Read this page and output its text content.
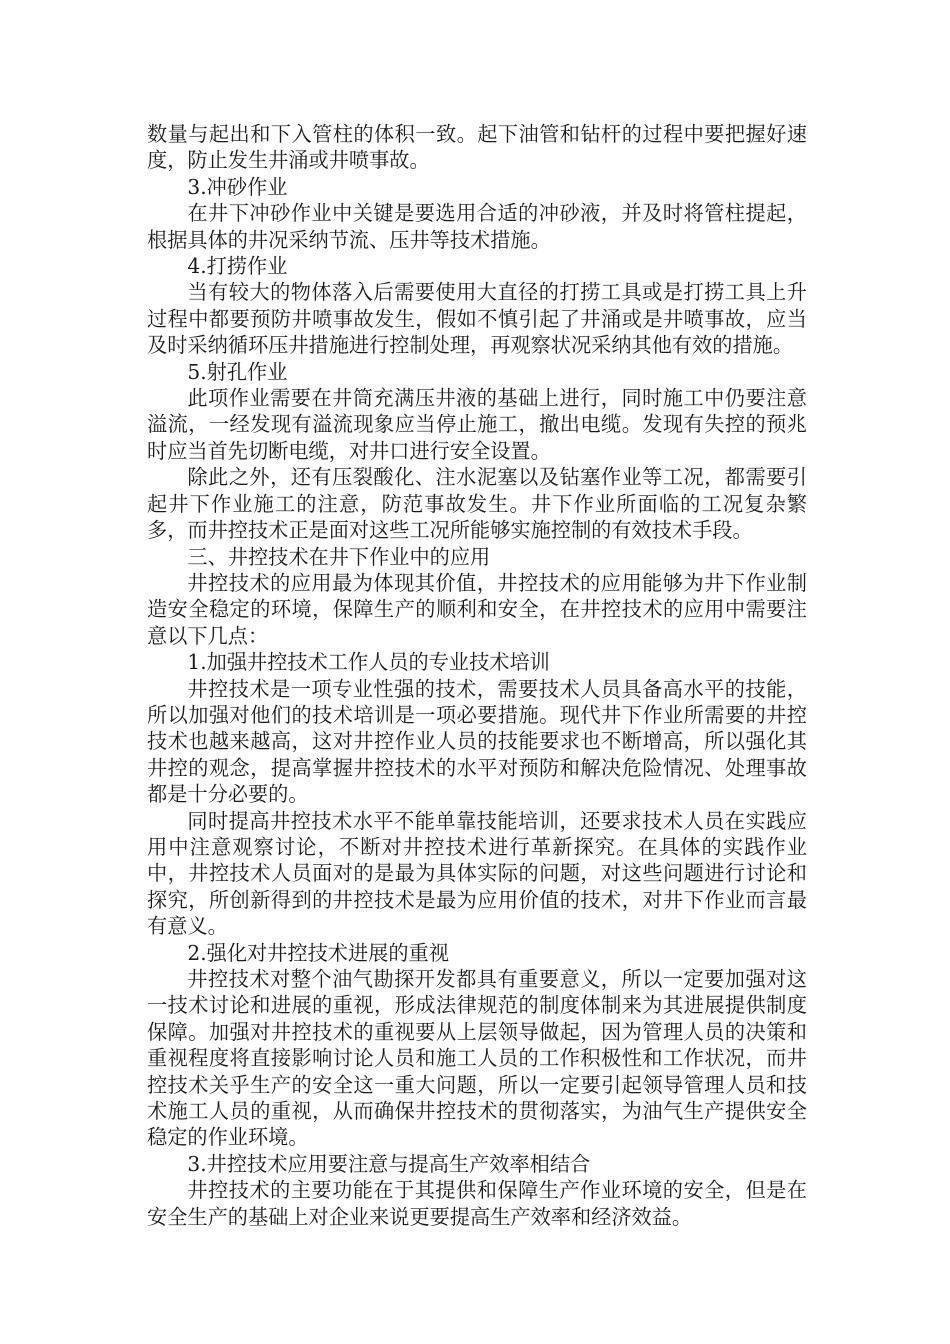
数量与起出和下入管柱的体积一致。起下油管和钻杆的过程中要把握好速度，防止发生井涌或井喷事故。

3.冲砂作业

在井下冲砂作业中关键是要选用合适的冲砂液，并及时将管柱提起，根据具体的井况采纳节流、压井等技术措施。

4.打捞作业

当有较大的物体落入后需要使用大直径的打捞工具或是打捞工具上升过程中都要预防井喷事故发生，假如不慎引起了井涌或是井喷事故，应当及时采纳循环压井措施进行控制处理，再观察状况采纳其他有效的措施。

5.射孔作业

此项作业需要在井筒充满压井液的基础上进行，同时施工中仍要注意溢流，一经发现有溢流现象应当停止施工，撤出电缆。发现有失控的预兆时应当首先切断电缆，对井口进行安全设置。

除此之外，还有压裂酸化、注水泥塞以及钻塞作业等工况，都需要引起井下作业施工的注意，防范事故发生。井下作业所面临的工况复杂繁多，而井控技术正是面对这些工况所能够实施控制的有效技术手段。

三、井控技术在井下作业中的应用

井控技术的应用最为体现其价值，井控技术的应用能够为井下作业制造安全稳定的环境，保障生产的顺利和安全，在井控技术的应用中需要注意以下几点：

1.加强井控技术工作人员的专业技术培训

井控技术是一项专业性强的技术，需要技术人员具备高水平的技能，所以加强对他们的技术培训是一项必要措施。现代井下作业所需要的井控技术也越来越高，这对井控作业人员的技能要求也不断增高，所以强化其井控的观念，提高掌握井控技术的水平对预防和解决危险情况、处理事故都是十分必要的。

同时提高井控技术水平不能单靠技能培训，还要求技术人员在实践应用中注意观察讨论，不断对井控技术进行革新探究。在具体的实践作业中，井控技术人员面对的是最为具体实际的问题，对这些问题进行讨论和探究，所创新得到的井控技术是最为应用价值的技术，对井下作业而言最有意义。

2.强化对井控技术进展的重视

井控技术对整个油气勘探开发都具有重要意义，所以一定要加强对这一技术讨论和进展的重视，形成法律规范的制度体制来为其进展提供制度保障。加强对井控技术的重视要从上层领导做起，因为管理人员的决策和重视程度将直接影响讨论人员和施工人员的工作积极性和工作状况，而井控技术关乎生产的安全这一重大问题，所以一定要引起领导管理人员和技术施工人员的重视，从而确保井控技术的贯彻落实，为油气生产提供安全稳定的作业环境。

3.井控技术应用要注意与提高生产效率相结合

井控技术的主要功能在于其提供和保障生产作业环境的安全，但是在安全生产的基础上对企业来说更要提高生产效率和经济效益。
